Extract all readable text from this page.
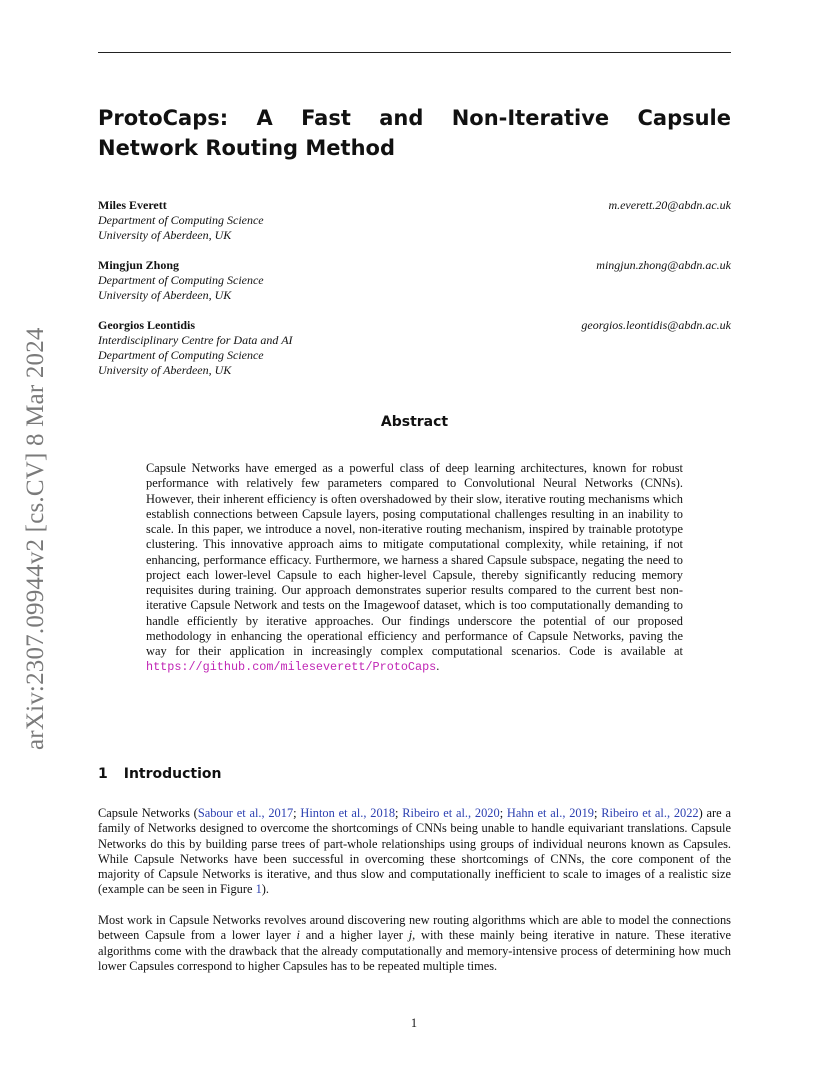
arXiv:2307.09944v2 [cs.CV] 8 Mar 2024
ProtoCaps: A Fast and Non-Iterative Capsule Network Routing Method
Miles Everett
Department of Computing Science
University of Aberdeen, UK
m.everett.20@abdn.ac.uk
Mingjun Zhong
Department of Computing Science
University of Aberdeen, UK
mingjun.zhong@abdn.ac.uk
Georgios Leontidis
Interdisciplinary Centre for Data and AI
Department of Computing Science
University of Aberdeen, UK
georgios.leontidis@abdn.ac.uk
Abstract
Capsule Networks have emerged as a powerful class of deep learning architectures, known for robust performance with relatively few parameters compared to Convolutional Neural Networks (CNNs). However, their inherent efficiency is often overshadowed by their slow, iterative routing mechanisms which establish connections between Capsule layers, posing computational challenges resulting in an inability to scale. In this paper, we introduce a novel, non-iterative routing mechanism, inspired by trainable prototype clustering. This innovative approach aims to mitigate computational complexity, while retaining, if not enhancing, performance efficacy. Furthermore, we harness a shared Capsule subspace, negating the need to project each lower-level Capsule to each higher-level Capsule, thereby significantly reducing memory requisites during training. Our approach demonstrates superior results compared to the current best non-iterative Capsule Network and tests on the Imagewoof dataset, which is too computationally demanding to handle efficiently by iterative approaches. Our findings underscore the potential of our proposed methodology in enhancing the operational efficiency and performance of Capsule Networks, paving the way for their application in increasingly complex computational scenarios. Code is available at https://github.com/mileseverett/ProtoCaps.
1 Introduction
Capsule Networks (Sabour et al., 2017; Hinton et al., 2018; Ribeiro et al., 2020; Hahn et al., 2019; Ribeiro et al., 2022) are a family of Networks designed to overcome the shortcomings of CNNs being unable to handle equivariant translations. Capsule Networks do this by building parse trees of part-whole relationships using groups of individual neurons known as Capsules. While Capsule Networks have been successful in overcoming these shortcomings of CNNs, the core component of the majority of Capsule Networks is iterative, and thus slow and computationally inefficient to scale to images of a realistic size (example can be seen in Figure 1).
Most work in Capsule Networks revolves around discovering new routing algorithms which are able to model the connections between Capsule from a lower layer i and a higher layer j, with these mainly being iterative in nature. These iterative algorithms come with the drawback that the already computationally and memory-intensive process of determining how much lower Capsules correspond to higher Capsules has to be repeated multiple times.
1
